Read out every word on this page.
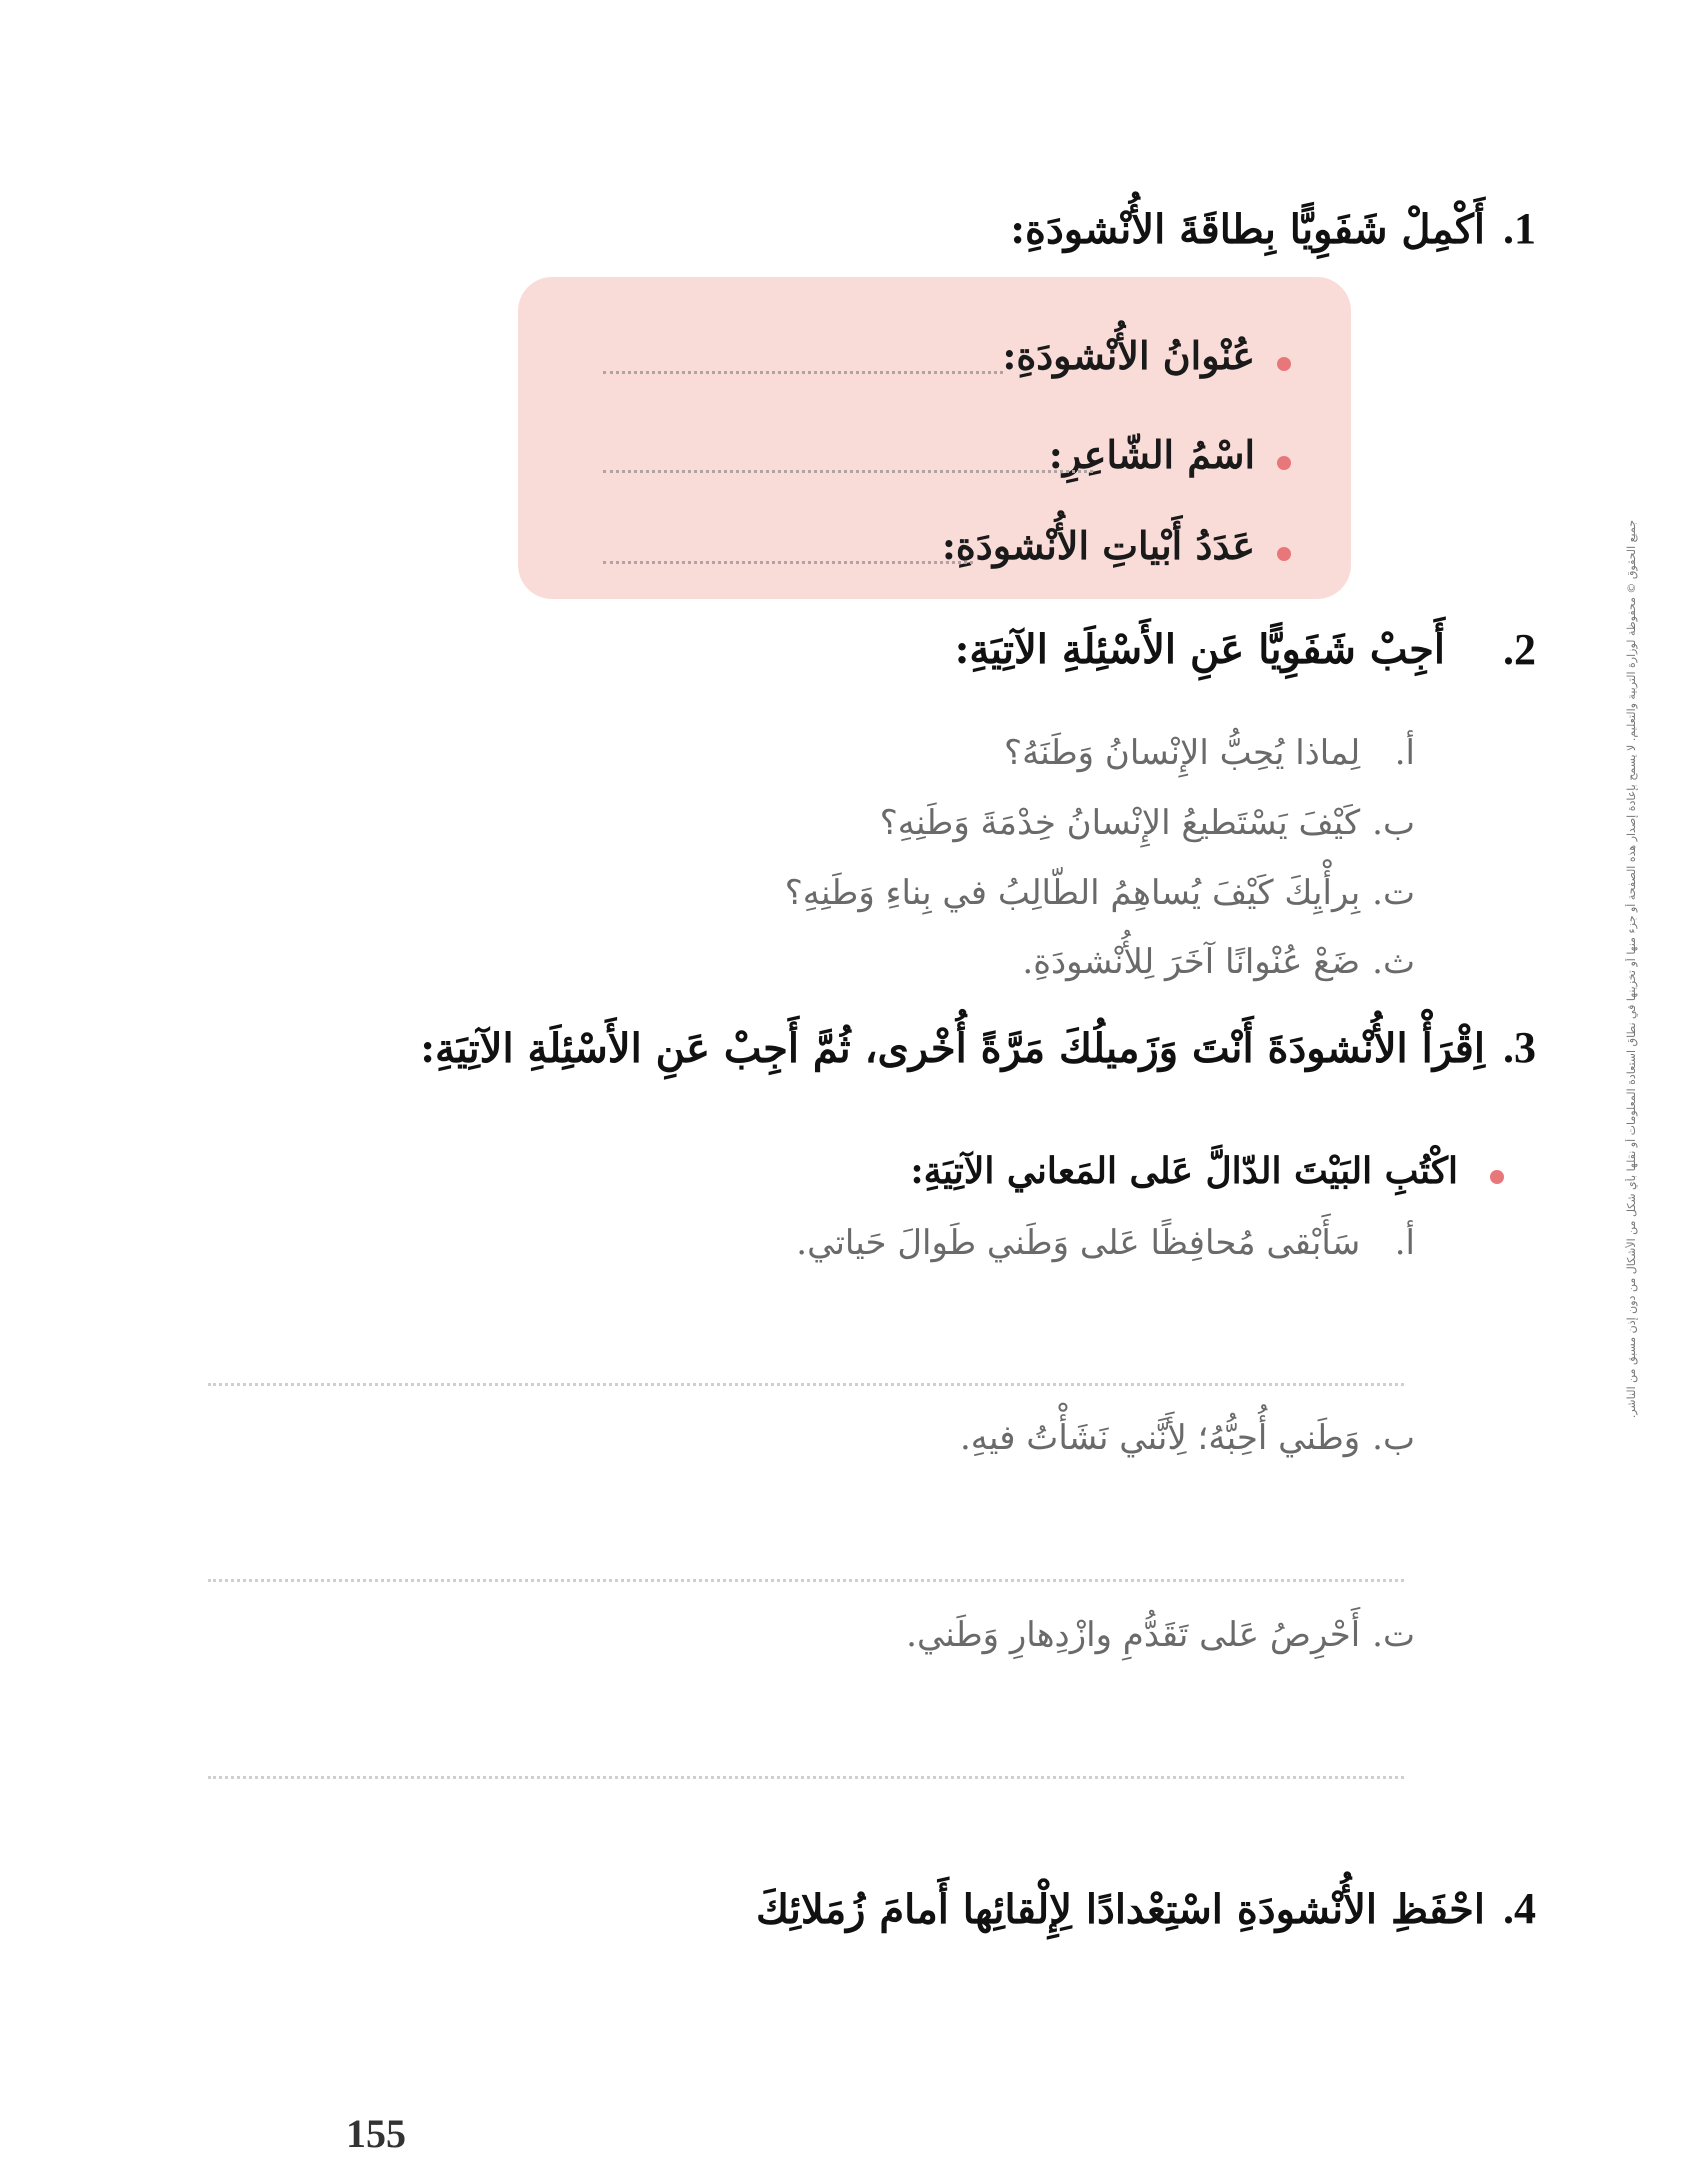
.1
أَكْمِلْ شَفَوِيًّا بِطاقَةَ الأُنْشودَةِ:
عُنْوانُ الأُنْشودَةِ:
اسْمُ الشّاعِرِ:
عَدَدُ أَبْياتِ الأُنْشودَةِ:
.2
أَجِبْ شَفَوِيًّا عَنِ الأَسْئِلَةِ الآتِيَةِ:
أ. لِماذا يُحِبُّ الإِنْسانُ وَطَنَهُ؟
ب. كَيْفَ يَسْتَطيعُ الإِنْسانُ خِدْمَةَ وَطَنِهِ؟
ت. بِرأْيِكَ كَيْفَ يُساهِمُ الطّالِبُ في بِناءِ وَطَنِهِ؟
ث. ضَعْ عُنْوانًا آخَرَ لِلأُنْشودَةِ.
.3
اِقْرَأْ الأُنْشودَةَ أَنْتَ وَزَميلُكَ مَرَّةً أُخْرى، ثُمَّ أَجِبْ عَنِ الأَسْئِلَةِ الآتِيَةِ:
اكْتُبِ البَيْتَ الدّالَّ عَلى المَعاني الآتِيَةِ:
أ. سَأَبْقى مُحافِظًا عَلى وَطَني طَوالَ حَياتي.
ب. وَطَني أُحِبُّهُ؛ لِأَنَّني نَشَأْتُ فيهِ.
ت. أَحْرِصُ عَلى تَقَدُّمِ وازْدِهارِ وَطَني.
.4
احْفَظِ الأُنْشودَةِ اسْتِعْدادًا لِإِلْقائِها أَمامَ زُمَلائِكَ
155
جميع الحقوق © محفوظة لوزارة التربية والتعليم. لا يسمح بإعادة إصدار هذه الصفحة أو جزء منها أو تخزينها في نطاق استعادة المعلومات أو نقلها بأي شكل من الأشكال من دون إذن مسبق من الناشر.
